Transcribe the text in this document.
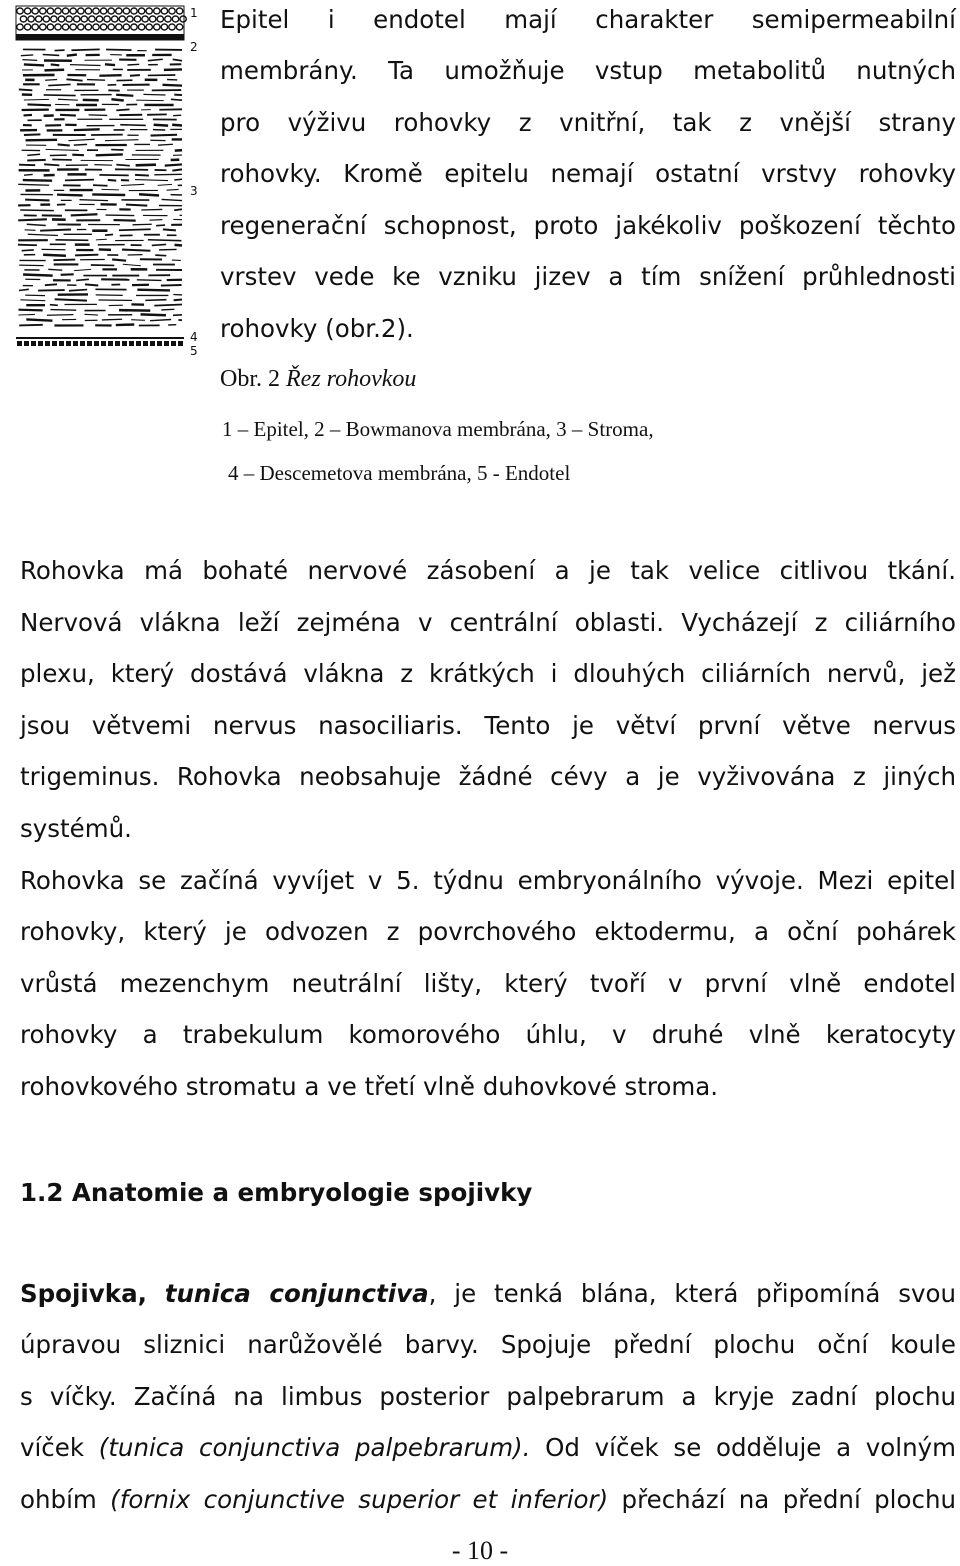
1
2
3
4
5
Epitel i endotel mají charakter semipermeabilní
membrány. Ta umožňuje vstup metabolitů nutných
pro výživu rohovky z vnitřní, tak z vnější strany
rohovky. Kromě epitelu nemají ostatní vrstvy rohovky
regenerační schopnost, proto jakékoliv poškození těchto
vrstev vede ke vzniku jizev a tím snížení průhlednosti
rohovky (obr.2).
Obr. 2 Řez rohovkou
1 – Epitel, 2 – Bowmanova membrána, 3 – Stroma,
4 – Descemetova membrána, 5 - Endotel
Rohovka má bohaté nervové zásobení a je tak velice citlivou tkání.
Nervová vlákna leží zejména v centrální oblasti. Vycházejí z ciliárního
plexu, který dostává vlákna z krátkých i dlouhých ciliárních nervů, jež
jsou větvemi nervus nasociliaris. Tento je větví první větve nervus
trigeminus. Rohovka neobsahuje žádné cévy a je vyživována z jiných
systémů.
Rohovka se začíná vyvíjet v 5. týdnu embryonálního vývoje. Mezi epitel
rohovky, který je odvozen z povrchového ektodermu, a oční pohárek
vrůstá mezenchym neutrální lišty, který tvoří v první vlně endotel
rohovky a trabekulum komorového úhlu, v druhé vlně keratocyty
rohovkového stromatu a ve třetí vlně duhovkové stroma.
1.2 Anatomie a embryologie spojivky
Spojivka, tunica conjunctiva, je tenká blána, která připomíná svou
úpravou sliznici narůžovělé barvy. Spojuje přední plochu oční koule
s víčky. Začíná na limbus posterior palpebrarum a kryje zadní plochu
víček (tunica conjunctiva palpebrarum). Od víček se odděluje a volným
ohbím (fornix conjunctive superior et inferior) přechází na přední plochu
- 10 -
